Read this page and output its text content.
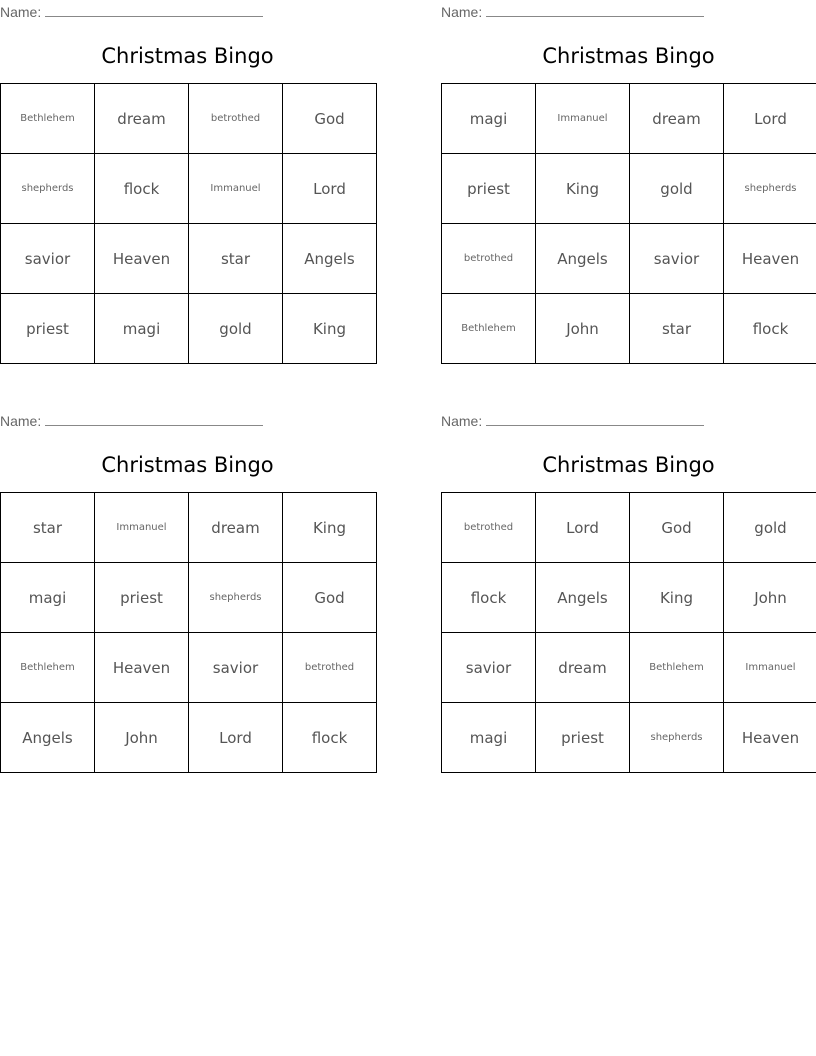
Name:
Christmas Bingo
Bethlehem	dream	betrothed	God
shepherds	flock	Immanuel	Lord
savior	Heaven	star	Angels
priest	magi	gold	King
Name:
Christmas Bingo
magi	Immanuel	dream	Lord
priest	King	gold	shepherds
betrothed	Angels	savior	Heaven
Bethlehem	John	star	flock
Name:
Christmas Bingo
star	Immanuel	dream	King
magi	priest	shepherds	God
Bethlehem	Heaven	savior	betrothed
Angels	John	Lord	flock
Name:
Christmas Bingo
betrothed	Lord	God	gold
flock	Angels	King	John
savior	dream	Bethlehem	Immanuel
magi	priest	shepherds	Heaven
